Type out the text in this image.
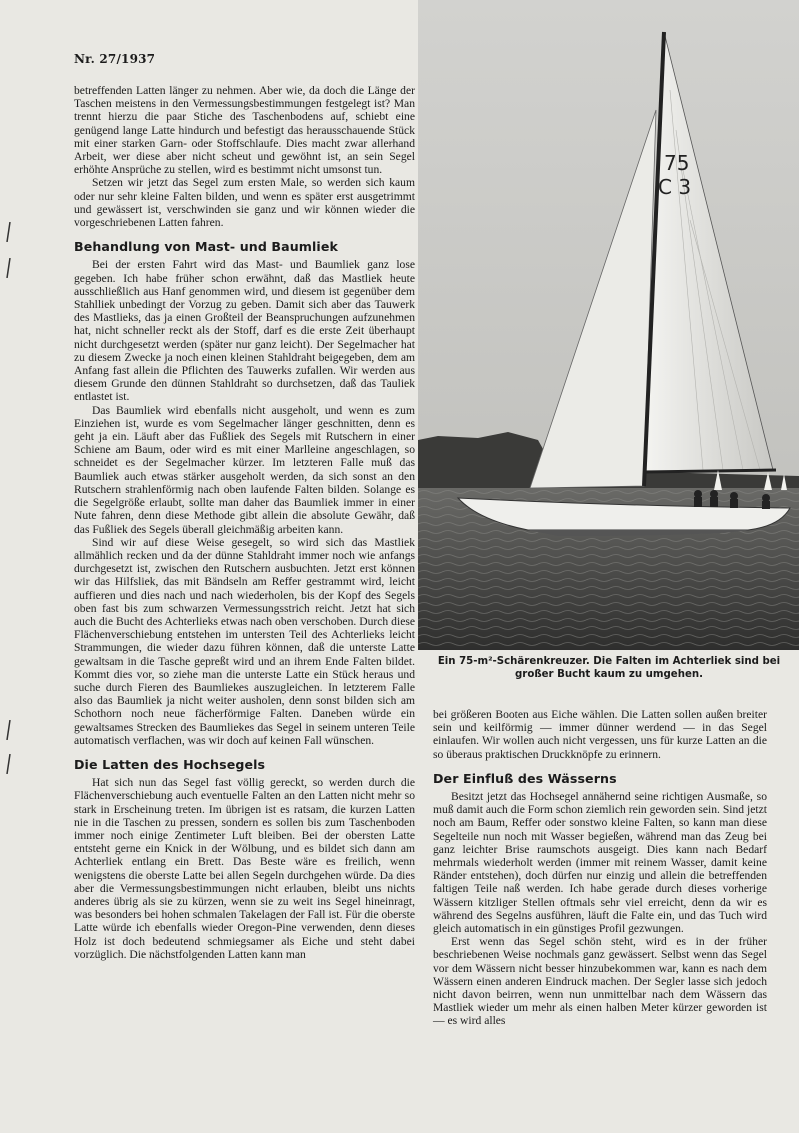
Nr. 27/1937

betreffenden Latten länger zu nehmen. Aber wie, da doch die Länge der Taschen meistens in den Vermessungsbestimmungen festgelegt ist? Man trennt hierzu die paar Stiche des Taschenbodens auf, schiebt eine genügend lange Latte hindurch und befestigt das herausschauende Stück mit einer starken Garn- oder Stoffschlaufe. Dies macht zwar allerhand Arbeit, wer diese aber nicht scheut und gewöhnt ist, an sein Segel erhöhte Ansprüche zu stellen, wird es bestimmt nicht umsonst tun.

Setzen wir jetzt das Segel zum ersten Male, so werden sich kaum oder nur sehr kleine Falten bilden, und wenn es später erst ausgetrimmt und gewässert ist, verschwinden sie ganz und wir können wieder die vorgeschriebenen Latten fahren.

Behandlung von Mast- und Baumliek

Bei der ersten Fahrt wird das Mast- und Baumliek ganz lose gegeben. Ich habe früher schon erwähnt, daß das Mastliek heute ausschließlich aus Hanf genommen wird, und diesem ist gegenüber dem Stahlliek unbedingt der Vorzug zu geben. Damit sich aber das Tauwerk des Mastlieks, das ja einen Großteil der Beanspruchungen aufzunehmen hat, nicht schneller reckt als der Stoff, darf es die erste Zeit überhaupt nicht durchgesetzt werden (später nur ganz leicht). Der Segelmacher hat zu diesem Zwecke ja noch einen kleinen Stahldraht beigegeben, dem am Anfang fast allein die Pflichten des Tauwerks zufallen. Wir werden aus diesem Grunde den dünnen Stahldraht so durchsetzen, daß das Tauliek entlastet ist.

Das Baumliek wird ebenfalls nicht ausgeholt, und wenn es zum Einziehen ist, wurde es vom Segelmacher länger geschnitten, denn es geht ja ein. Läuft aber das Fußliek des Segels mit Rutschern in einer Schiene am Baum, oder wird es mit einer Marlleine angeschlagen, so schneidet es der Segelmacher kürzer. Im letzteren Falle muß das Baumliek auch etwas stärker ausgeholt werden, da sich sonst an den Rutschern strahlenförmig nach oben laufende Falten bilden. Solange es die Segelgröße erlaubt, sollte man daher das Baumliek immer in einer Nute fahren, denn diese Methode gibt allein die absolute Gewähr, daß das Fußliek des Segels überall gleichmäßig arbeiten kann.

Sind wir auf diese Weise gesegelt, so wird sich das Mastliek allmählich recken und da der dünne Stahldraht immer noch wie anfangs durchgesetzt ist, zwischen den Rutschern ausbuchten. Jetzt erst können wir das Hilfsliek, das mit Bändseln am Reffer gestrammt wird, leicht auffieren und dies nach und nach wiederholen, bis der Kopf des Segels oben fast bis zum schwarzen Vermessungsstrich reicht. Jetzt hat sich auch die Bucht des Achterlieks etwas nach oben verschoben. Durch diese Flächenverschiebung entstehen im untersten Teil des Achterlieks leicht Strammungen, die wieder dazu führen können, daß die unterste Latte gewaltsam in die Tasche gepreßt wird und an ihrem Ende Falten bildet. Kommt dies vor, so ziehe man die unterste Latte ein Stück heraus und suche durch Fieren des Baumliekes auszugleichen. In letzterem Falle also das Baumliek ja nicht weiter ausholen, denn sonst bilden sich am Schothorn noch neue fächerförmige Falten. Daneben würde ein gewaltsames Strecken des Baumliekes das Segel in seinem unteren Teile automatisch verflachen, was wir doch auf keinen Fall wünschen.

Die Latten des Hochsegels

Hat sich nun das Segel fast völlig gereckt, so werden durch die Flächenverschiebung auch eventuelle Falten an den Latten nicht mehr so stark in Erscheinung treten. Im übrigen ist es ratsam, die kurzen Latten nie in die Taschen zu pressen, sondern es sollen bis zum Taschenboden immer noch einige Zentimeter Luft bleiben. Bei der obersten Latte entsteht gerne ein Knick in der Wölbung, und es bildet sich dann am Achterliek entlang ein Brett. Das Beste wäre es freilich, wenn wenigstens die oberste Latte bei allen Segeln durchgehen würde. Da dies aber die Vermessungsbestimmungen nicht erlauben, bleibt uns nichts anderes übrig als sie zu kürzen, wenn sie zu weit ins Segel hineinragt, was besonders bei hohen schmalen Takelagen der Fall ist. Für die oberste Latte würde ich ebenfalls wieder Oregon-Pine verwenden, denn dieses Holz ist doch bedeutend schmiegsamer als Eiche und steht dabei vorzüglich. Die nächstfolgenden Latten kann man

75
C 3
Ein 75-m²-Schärenkreuzer. Die Falten im Achterliek sind bei
großer Bucht kaum zu umgehen.

bei größeren Booten aus Eiche wählen. Die Latten sollen außen breiter sein und keilförmig — immer dünner werdend — in das Segel einlaufen. Wir wollen auch nicht vergessen, uns für kurze Latten an die so überaus praktischen Druckknöpfe zu erinnern.

Der Einfluß des Wässerns

Besitzt jetzt das Hochsegel annähernd seine richtigen Ausmaße, so muß damit auch die Form schon ziemlich rein geworden sein. Sind jetzt noch am Baum, Reffer oder sonstwo kleine Falten, so kann man diese Segelteile nun noch mit Wasser begießen, während man das Zeug bei ganz leichter Brise raumschots ausgeigt. Dies kann nach Bedarf mehrmals wiederholt werden (immer mit reinem Wasser, damit keine Ränder entstehen), doch dürfen nur einzig und allein die betreffenden faltigen Teile naß werden. Ich habe gerade durch dieses vorherige Wässern kitzliger Stellen oftmals sehr viel erreicht, denn da wir es während des Segelns ausführen, läuft die Falte ein, und das Tuch wird gleich automatisch in ein günstiges Profil gezwungen.

Erst wenn das Segel schön steht, wird es in der früher beschriebenen Weise nochmals ganz gewässert. Selbst wenn das Segel vor dem Wässern nicht besser hinzubekommen war, kann es nach dem Wässern einen anderen Eindruck machen. Der Segler lasse sich jedoch nicht davon beirren, wenn nun unmittelbar nach dem Wässern das Mastliek wieder um mehr als einen halben Meter kürzer geworden ist — es wird alles
